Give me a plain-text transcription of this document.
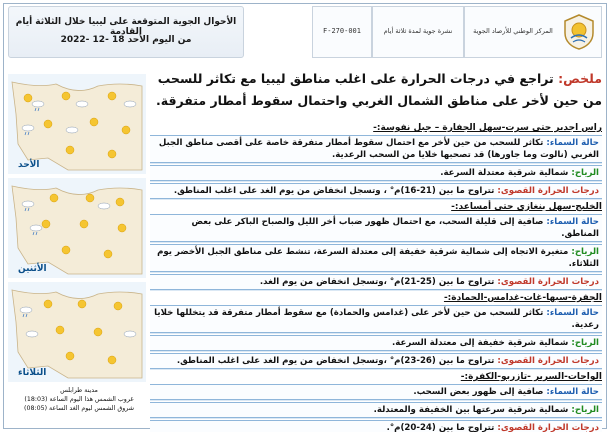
الأحوال الجوية المتوقعة على ليبيا خلال الثلاثة أيام القادمة
من اليوم الأحد 18 -12 -2022
F-270-001	نشرة جوية لمدة ثلاثة أيام	المركز الوطني للأرصاد الجوية
ملخص: تراجع في درجات الحرارة على اغلب مناطق ليبيا مع تكاثر للسحب من حين لأخر على مناطق الشمال الغربي واحتمال سقوط أمطار متفرقة.
الأحد
الأثنين
الثلاثاء
مدينة طرابلس
غروب الشمس هذا اليوم الساعة (18:03)
شروق الشمس ليوم الغد الساعة (08:05)
راس اجدير حتى سرت-سهل الجفارة – جبل نفوسة:-
حالة السماء: تكاثر للسحب من حين لأخر مع احتمال سقوط أمطار متفرقة خاصة على أقصى مناطق الجبل الغربي (نالوت وما جاورها) قد تصحبها خلايا من السحب الرعدية.
الرياح: شمالية شرقية معتدلة السرعة.
درجات الحرارة القصوى: تتراوح ما بين (21-16)م° ، وتسجل انخفاض من يوم الغد على اغلب المناطق.
الخليج-سهل بنغازي حتى أمساعد:-
حالة السماء: صافية إلى قليلة السحب، مع احتمال ظهور ضباب أخر الليل والصباح الباكر على بعض المناطق.
الرياح: متغيرة الاتجاه إلى شمالية شرقية خفيفة إلى معتدلة السرعة، تنشط على مناطق الجبل الأخضر يوم الثلاثاء.
درجات الحرارة القصوى: تتراوح ما بين (25-21)م° ،وتسجل انخفاض من يوم الغد.
الجفرة-سبها-غات-غدامس-الحمادة:-
حالة السماء: تكاثر للسحب من حين لأخر على (غدامس والحمادة) مع سقوط أمطار متفرقة قد يتخللها خلايا رعدية.
الرياح: شمالية شرقية خفيفة إلى معتدلة السرعة.
درجات الحرارة القصوى: تتراوح ما بين (26-23)م° ،وتسجل انخفاض من يوم الغد على اغلب المناطق.
الواحات-السرير -تازربو-الكفرة:-
حالة السماء: صافية إلى ظهور بعض السحب.
الرياح: شمالية شرقية سرعتها بين الخفيفة والمعتدلة.
درجات الحرارة القصوى: تتراوح ما بين (24-20)م°.
